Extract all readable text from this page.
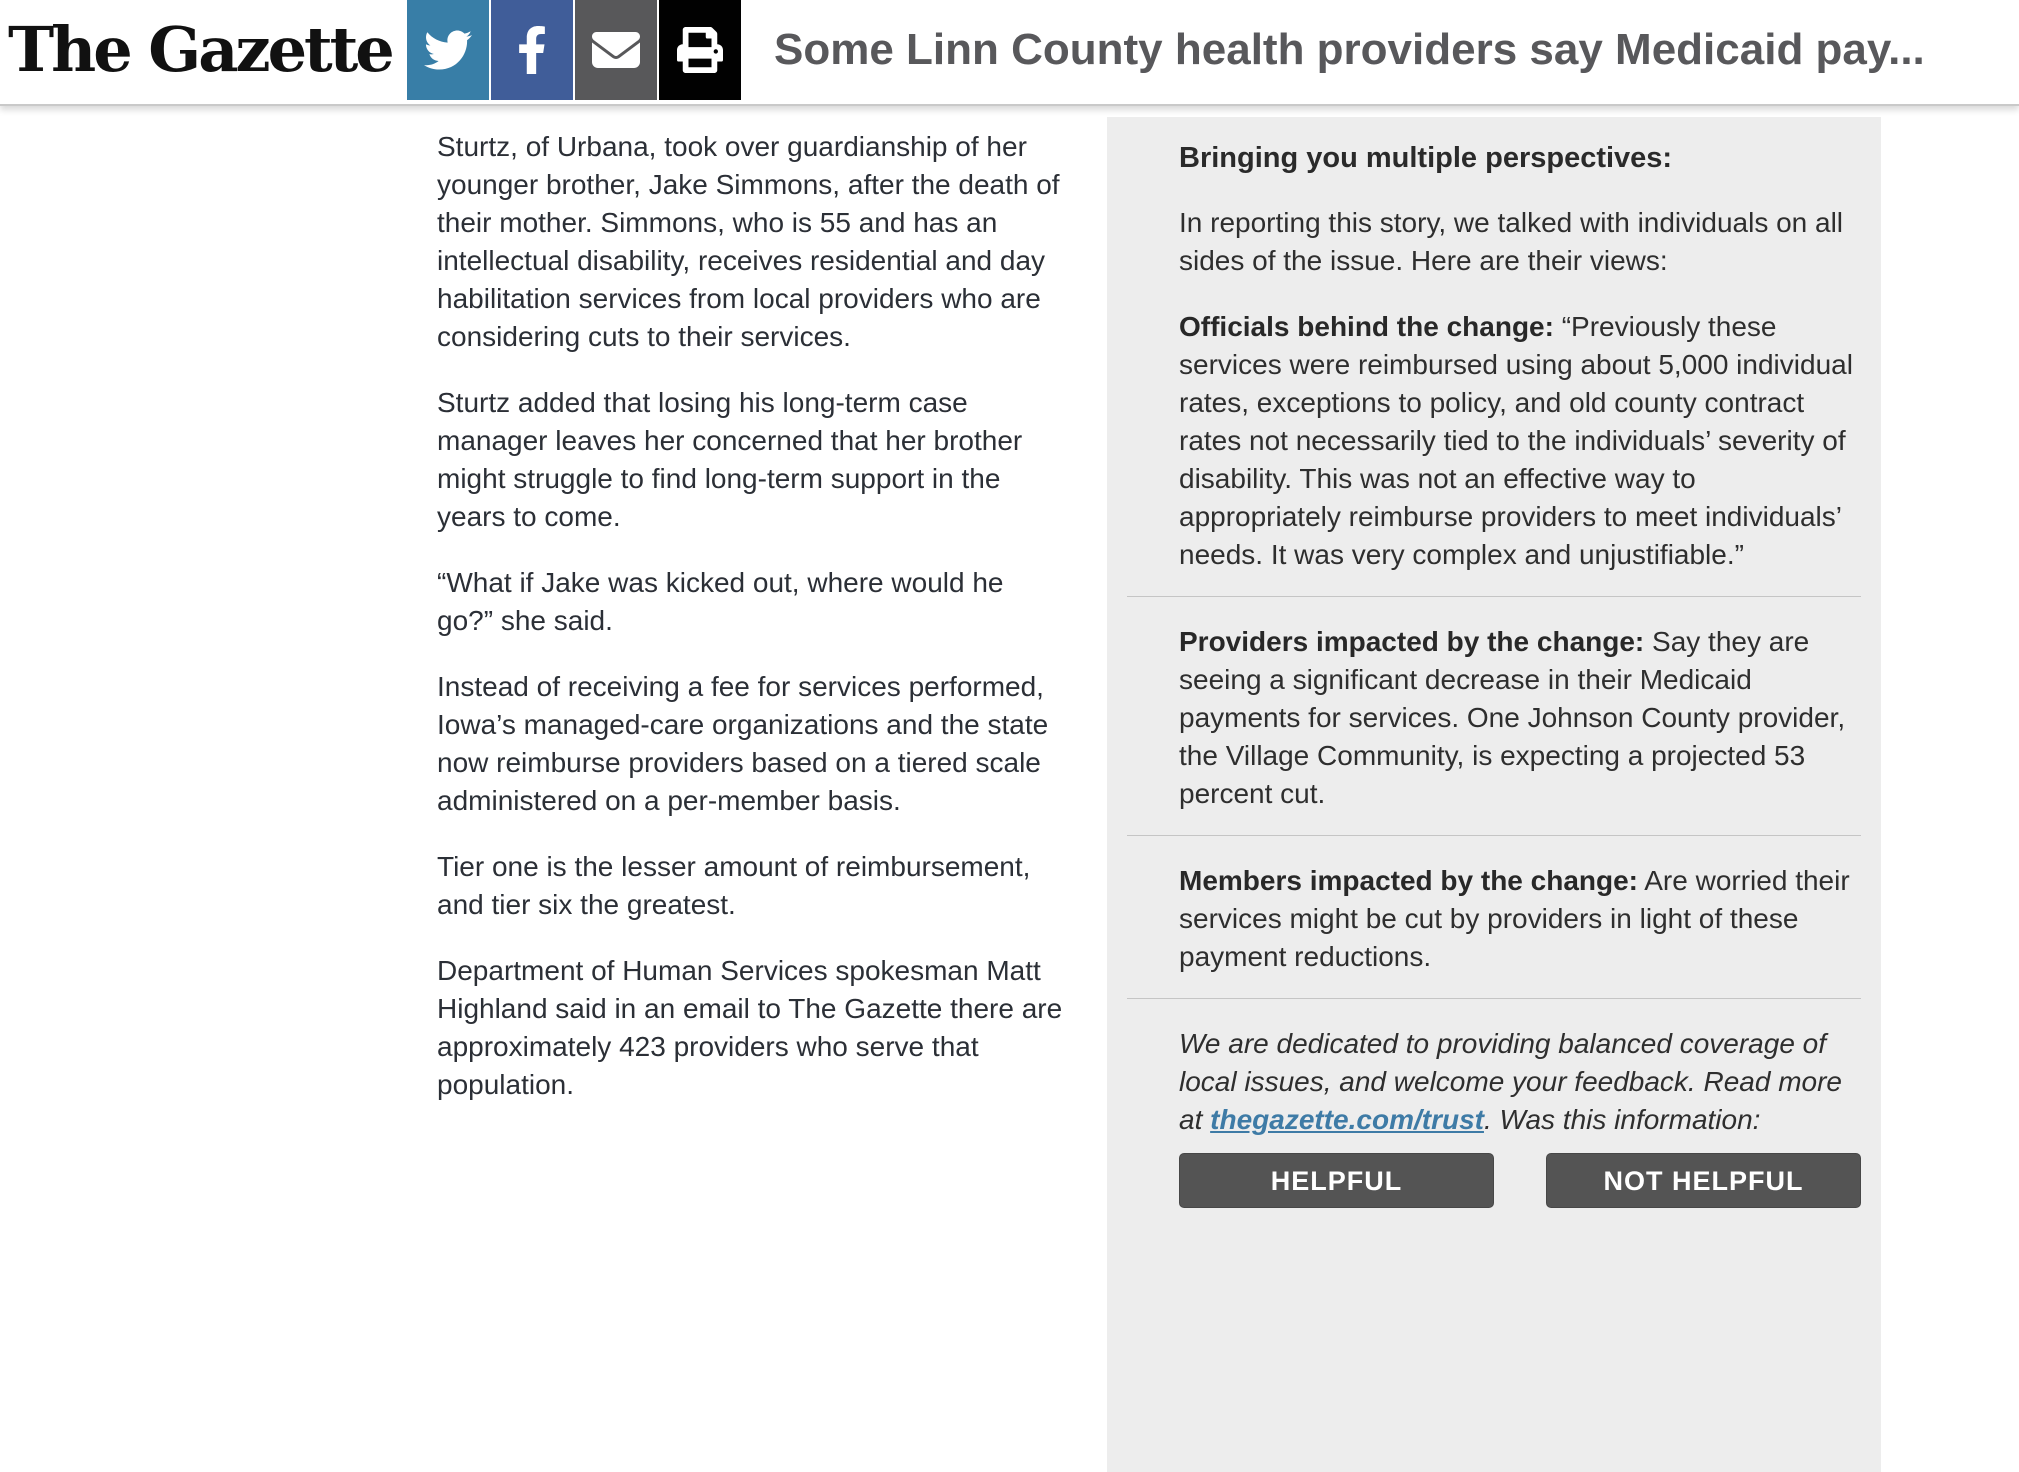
The Gazette	Some Linn County health providers say Medicaid pay...

Sturtz, of Urbana, took over guardianship of her younger brother, Jake Simmons, after the death of their mother. Simmons, who is 55 and has an intellectual disability, receives residential and day habilitation services from local providers who are considering cuts to their services.

Sturtz added that losing his long-term case manager leaves her concerned that her brother might struggle to find long-term support in the years to come.

“What if Jake was kicked out, where would he go?” she said.

Instead of receiving a fee for services performed, Iowa’s managed-care organizations and the state now reimburse providers based on a tiered scale administered on a per-member basis.

Tier one is the lesser amount of reimbursement, and tier six the greatest.

Department of Human Services spokesman Matt Highland said in an email to The Gazette there are approximately 423 providers who serve that population.

Bringing you multiple perspectives:

In reporting this story, we talked with individuals on all sides of the issue. Here are their views:

Officials behind the change: “Previously these services were reimbursed using about 5,000 individual rates, exceptions to policy, and old county contract rates not necessarily tied to the individuals’ severity of disability. This was not an effective way to appropriately reimburse providers to meet individuals’ needs. It was very complex and unjustifiable.”

Providers impacted by the change: Say they are seeing a significant decrease in their Medicaid payments for services. One Johnson County provider, the Village Community, is expecting a projected 53 percent cut.

Members impacted by the change: Are worried their services might be cut by providers in light of these payment reductions.

We are dedicated to providing balanced coverage of local issues, and welcome your feedback. Read more at thegazette.com/trust. Was this information:

HELPFUL	NOT HELPFUL
